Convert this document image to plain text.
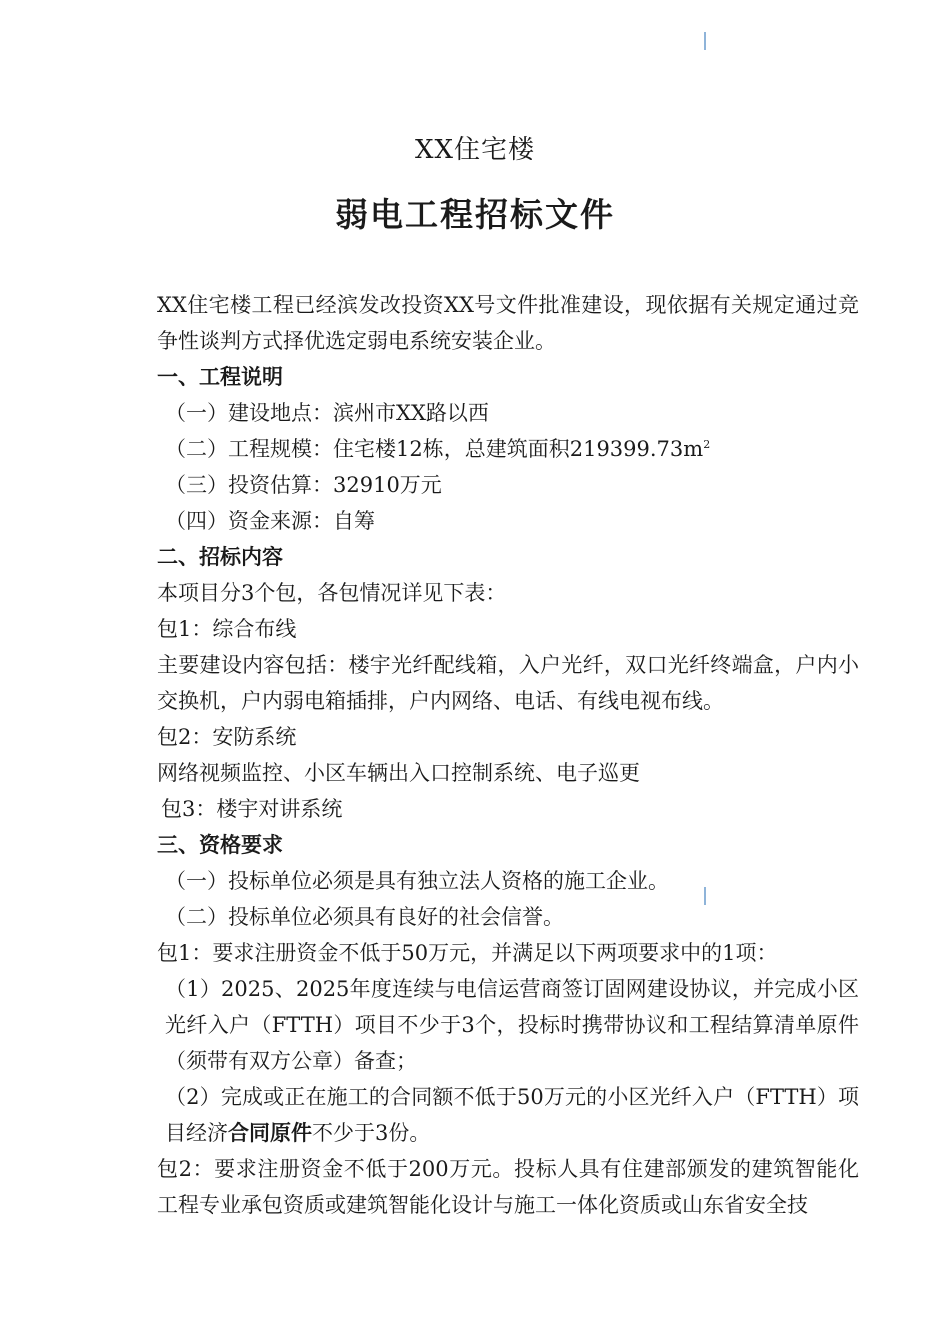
XX住宅楼
弱电工程招标文件

XX住宅楼工程已经滨发改投资XX号文件批准建设，现依据有关规定通过竞争性谈判方式择优选定弱电系统安装企业。

一、工程说明

（一）建设地点：滨州市XX路以西

（二）工程规模：住宅楼12栋，总建筑面积$219399.73m^2$

（三）投资估算：32910万元

（四）资金来源：自筹

二、招标内容

本项目分3个包，各包情况详见下表：

包1：综合布线

主要建设内容包括：楼宇光纤配线箱，入户光纤，双口光纤终端盒，户内小交换机，户内弱电箱插排，户内网络、电话、有线电视布线。

包2：安防系统

网络视频监控、小区车辆出入口控制系统、电子巡更

包3：楼宇对讲系统

三、资格要求

（一）投标单位必须是具有独立法人资格的施工企业。

（二）投标单位必须具有良好的社会信誉。

包1：要求注册资金不低于50万元，并满足以下两项要求中的1项：

（1）2025、2025年度连续与电信运营商签订固网建设协议，并完成小区光纤入户（FTTH）项目不少于3个，投标时携带协议和工程结算清单原件（须带有双方公章）备查；

（2）完成或正在施工的合同额不低于50万元的小区光纤入户（FTTH）项目经济合同原件不少于3份。

包2：要求注册资金不低于200万元。投标人具有住建部颁发的建筑智能化工程专业承包资质或建筑智能化设计与施工一体化资质或山东省安全技
